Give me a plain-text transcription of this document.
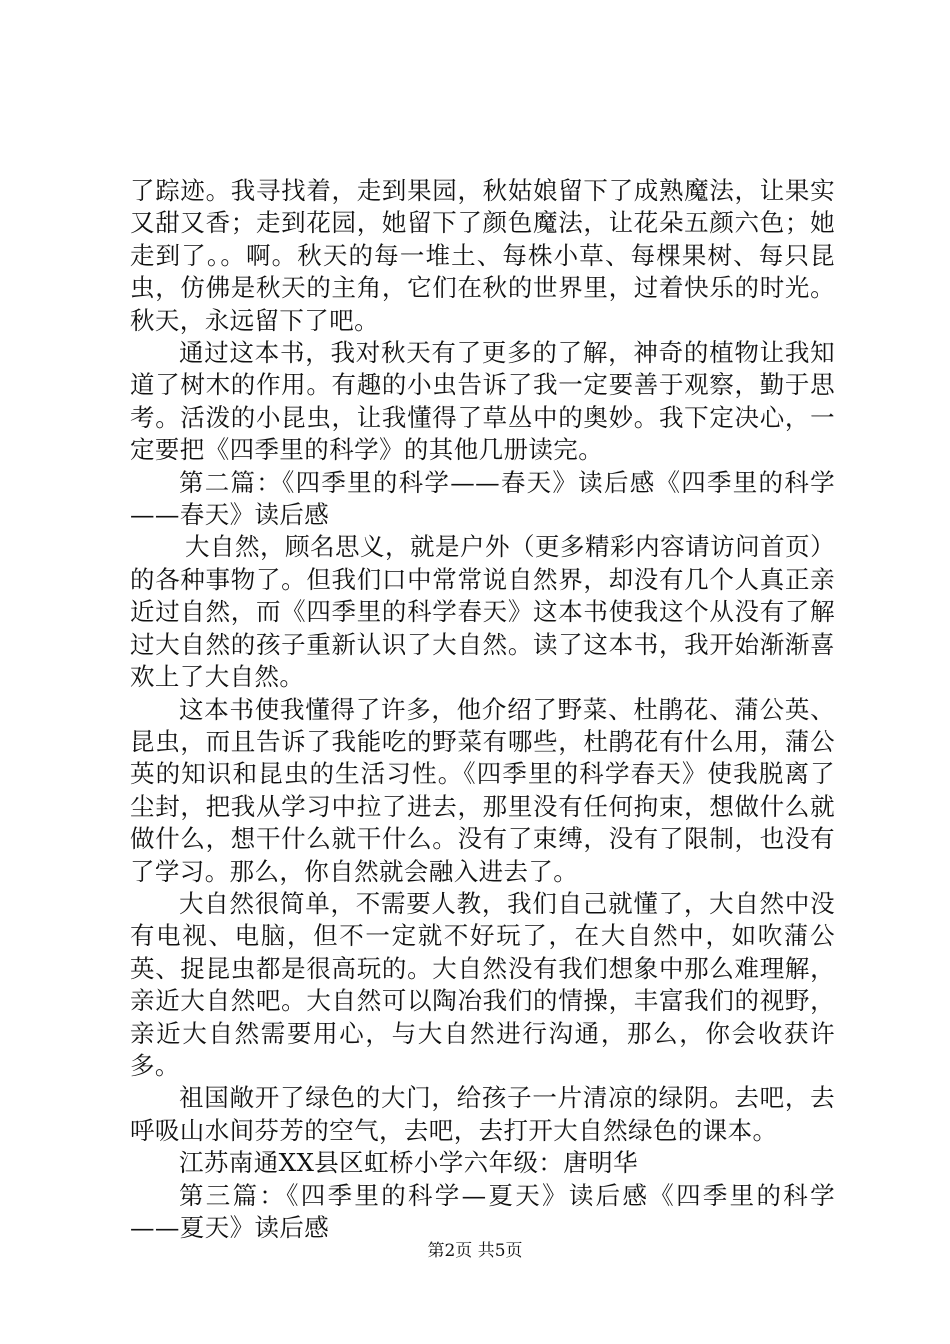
了踪迹。我寻找着，走到果园，秋姑娘留下了成熟魔法，让果实又甜又香；走到花园，她留下了颜色魔法，让花朵五颜六色；她走到了。。啊。秋天的每一堆土、每株小草、每棵果树、每只昆虫，仿佛是秋天的主角，它们在秋的世界里，过着快乐的时光。秋天，永远留下了吧。

通过这本书，我对秋天有了更多的了解，神奇的植物让我知道了树木的作用。有趣的小虫告诉了我一定要善于观察，勤于思考。活泼的小昆虫，让我懂得了草丛中的奥妙。我下定决心，一定要把《四季里的科学》的其他几册读完。

第二篇：《四季里的科学——春天》读后感《四季里的科学——春天》读后感

大自然，顾名思义，就是户外（更多精彩内容请访问首页）的各种事物了。但我们口中常常说自然界，却没有几个人真正亲近过自然，而《四季里的科学春天》这本书使我这个从没有了解过大自然的孩子重新认识了大自然。读了这本书，我开始渐渐喜欢上了大自然。

这本书使我懂得了许多，他介绍了野菜、杜鹃花、蒲公英、昆虫，而且告诉了我能吃的野菜有哪些，杜鹃花有什么用，蒲公英的知识和昆虫的生活习性。《四季里的科学春天》使我脱离了尘封，把我从学习中拉了进去，那里没有任何拘束，想做什么就做什么，想干什么就干什么。没有了束缚，没有了限制，也没有了学习。那么，你自然就会融入进去了。

大自然很简单，不需要人教，我们自己就懂了，大自然中没有电视、电脑，但不一定就不好玩了，在大自然中，如吹蒲公英、捉昆虫都是很高玩的。大自然没有我们想象中那么难理解，亲近大自然吧。大自然可以陶冶我们的情操，丰富我们的视野，亲近大自然需要用心，与大自然进行沟通，那么，你会收获许多。

祖国敞开了绿色的大门，给孩子一片清凉的绿阴。去吧，去呼吸山水间芬芳的空气，去吧，去打开大自然绿色的课本。

江苏南通XX县区虹桥小学六年级：唐明华

第三篇：《四季里的科学—夏天》读后感《四季里的科学——夏天》读后感

第2页 共5页
